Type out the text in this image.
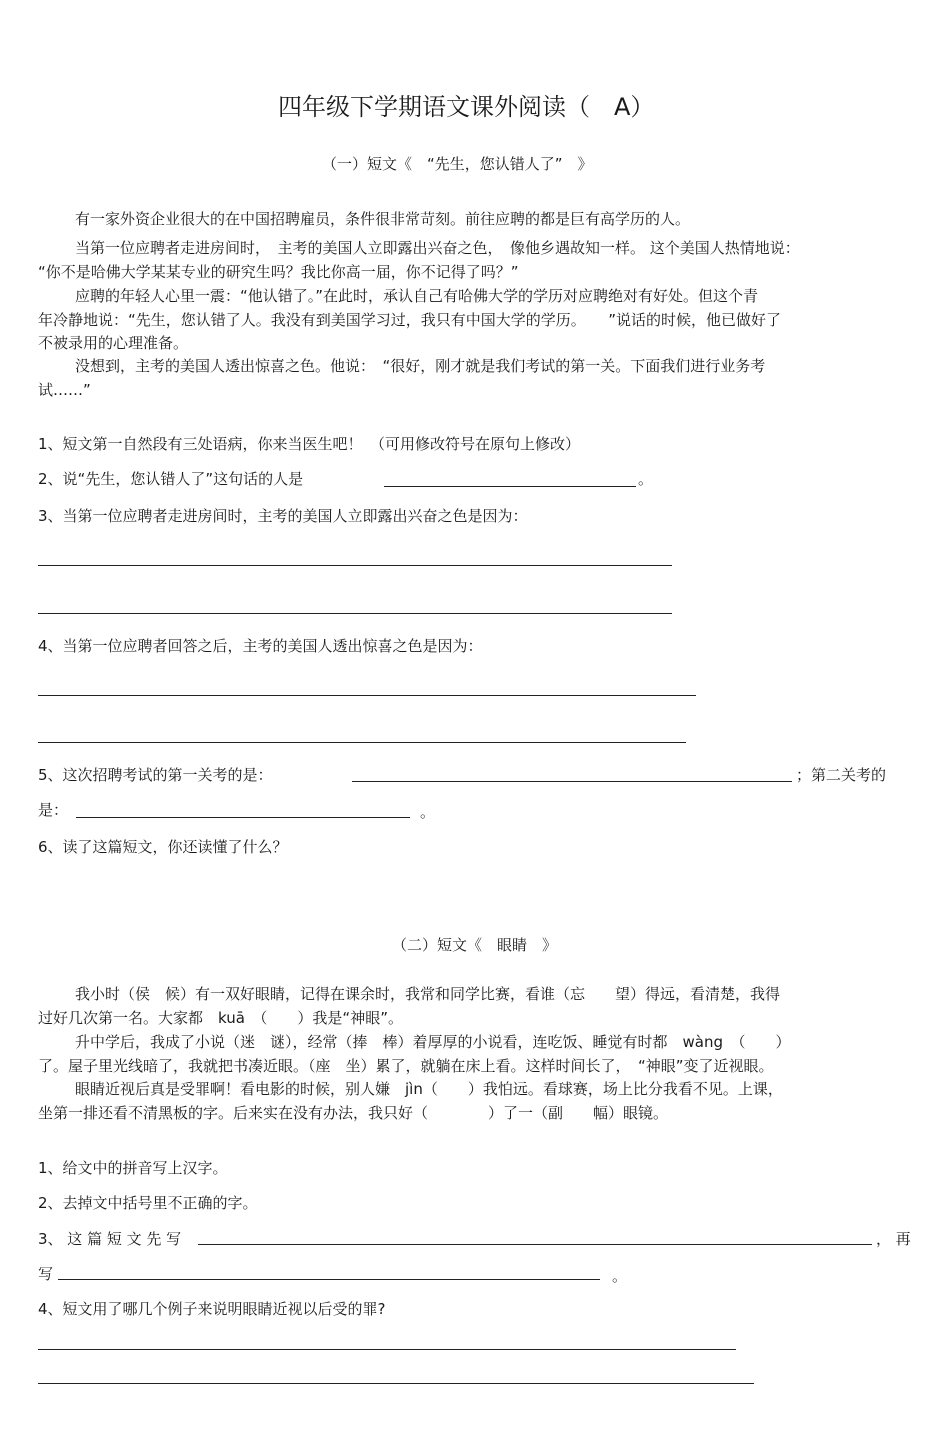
四年级下学期语文课外阅读（　A）
（一）短文《　“先生，您认错人了”　》
有一家外资企业很大的在中国招聘雇员，条件很非常苛刻。前往应聘的都是巨有高学历的人。
当第一位应聘者走进房间时，　主考的美国人立即露出兴奋之色，　像他乡遇故知一样。 这个美国人热情地说：
“你不是哈佛大学某某专业的研究生吗？我比你高一届，你不记得了吗？”
应聘的年轻人心里一震：“他认错了。”在此时，承认自己有哈佛大学的学历对应聘绝对有好处。但这个青
年冷静地说：“先生，您认错了人。我没有到美国学习过，我只有中国大学的学历。　　”说话的时候，他已做好了
不被录用的心理准备。
没想到，主考的美国人透出惊喜之色。他说：　“很好，刚才就是我们考试的第一关。下面我们进行业务考
试……”
1、短文第一自然段有三处语病，你来当医生吧！　（可用修改符号在原句上修改）
2、说“先生，您认错人了”这句话的人是	。
3、当第一位应聘者走进房间时，主考的美国人立即露出兴奋之色是因为：
4、当第一位应聘者回答之后，主考的美国人透出惊喜之色是因为：
5、这次招聘考试的第一关考的是：	；第二关考的
是：	。
6、读了这篇短文，你还读懂了什么？
（二）短文《　眼睛　》
我小时（侯　候）有一双好眼睛，记得在课余时，我常和同学比赛，看谁（忘　　望）得远，看清楚，我得
过好几次第一名。大家都　kuā　（　　）我是“神眼”。
升中学后，我成了小说（迷　谜），经常（捧　棒）着厚厚的小说看，连吃饭、睡觉有时都　wàng　（　　）
了。屋子里光线暗了，我就把书凑近眼。（座　坐）累了，就躺在床上看。这样时间长了，　“神眼”变了近视眼。
眼睛近视后真是受罪啊！看电影的时候，别人嫌　jìn（　　）我怕远。看球赛，场上比分我看不见。上课，
坐第一排还看不清黑板的字。后来实在没有办法，我只好（　　　　）了一（副　　幅）眼镜。
1、给文中的拼音写上汉字。
2、去掉文中括号里不正确的字。
3、 这 篇 短 文 先 写	， 再
写	。
4、短文用了哪几个例子来说明眼睛近视以后受的罪?
